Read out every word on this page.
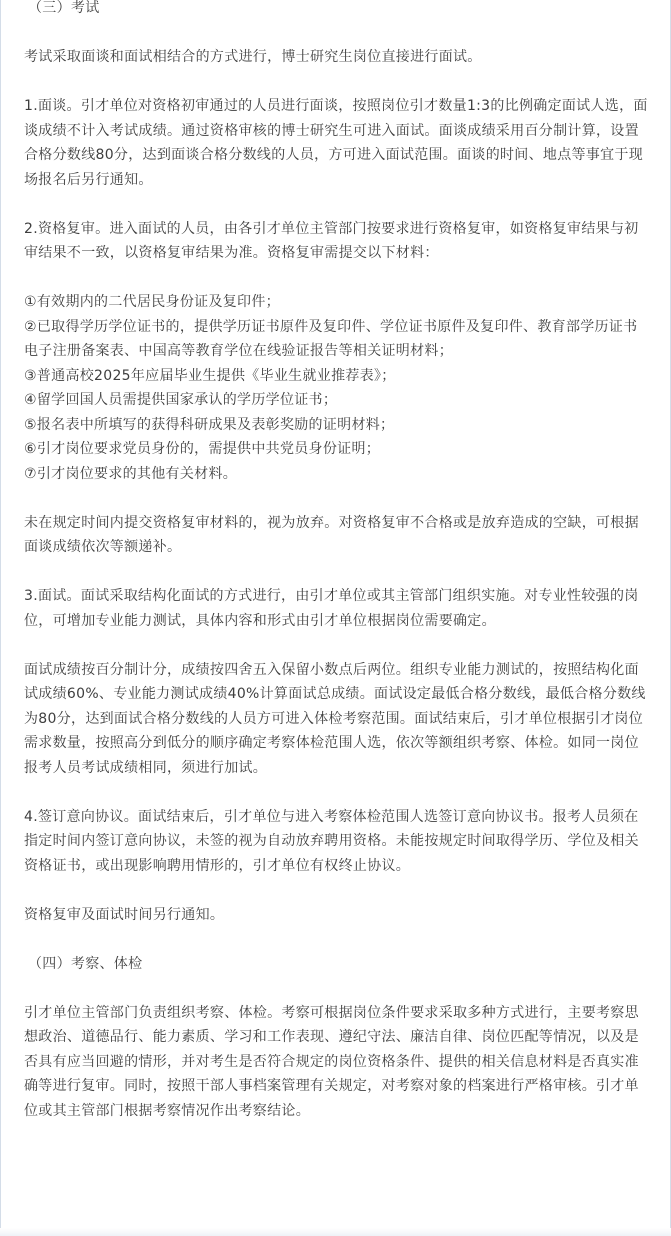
（三）考试

考试采取面谈和面试相结合的方式进行，博士研究生岗位直接进行面试。

1.面谈。引才单位对资格初审通过的人员进行面谈，按照岗位引才数量1:3的比例确定面试人选，面谈成绩不计入考试成绩。通过资格审核的博士研究生可进入面试。面谈成绩采用百分制计算，设置合格分数线80分，达到面谈合格分数线的人员，方可进入面试范围。面谈的时间、地点等事宜于现场报名后另行通知。

2.资格复审。进入面试的人员，由各引才单位主管部门按要求进行资格复审，如资格复审结果与初审结果不一致，以资格复审结果为准。资格复审需提交以下材料：

①有效期内的二代居民身份证及复印件；

②已取得学历学位证书的，提供学历证书原件及复印件、学位证书原件及复印件、教育部学历证书电子注册备案表、中国高等教育学位在线验证报告等相关证明材料；

③普通高校2025年应届毕业生提供《毕业生就业推荐表》；

④留学回国人员需提供国家承认的学历学位证书；

⑤报名表中所填写的获得科研成果及表彰奖励的证明材料；

⑥引才岗位要求党员身份的，需提供中共党员身份证明；

⑦引才岗位要求的其他有关材料。

未在规定时间内提交资格复审材料的，视为放弃。对资格复审不合格或是放弃造成的空缺，可根据面谈成绩依次等额递补。

3.面试。面试采取结构化面试的方式进行，由引才单位或其主管部门组织实施。对专业性较强的岗位，可增加专业能力测试，具体内容和形式由引才单位根据岗位需要确定。

面试成绩按百分制计分，成绩按四舍五入保留小数点后两位。组织专业能力测试的，按照结构化面试成绩60%、专业能力测试成绩40%计算面试总成绩。面试设定最低合格分数线，最低合格分数线为80分，达到面试合格分数线的人员方可进入体检考察范围。面试结束后，引才单位根据引才岗位需求数量，按照高分到低分的顺序确定考察体检范围人选，依次等额组织考察、体检。如同一岗位报考人员考试成绩相同，须进行加试。

4.签订意向协议。面试结束后，引才单位与进入考察体检范围人选签订意向协议书。报考人员须在指定时间内签订意向协议，未签的视为自动放弃聘用资格。未能按规定时间取得学历、学位及相关资格证书，或出现影响聘用情形的，引才单位有权终止协议。

资格复审及面试时间另行通知。

（四）考察、体检

引才单位主管部门负责组织考察、体检。考察可根据岗位条件要求采取多种方式进行，主要考察思想政治、道德品行、能力素质、学习和工作表现、遵纪守法、廉洁自律、岗位匹配等情况，以及是否具有应当回避的情形，并对考生是否符合规定的岗位资格条件、提供的相关信息材料是否真实准确等进行复审。同时，按照干部人事档案管理有关规定，对考察对象的档案进行严格审核。引才单位或其主管部门根据考察情况作出考察结论。
